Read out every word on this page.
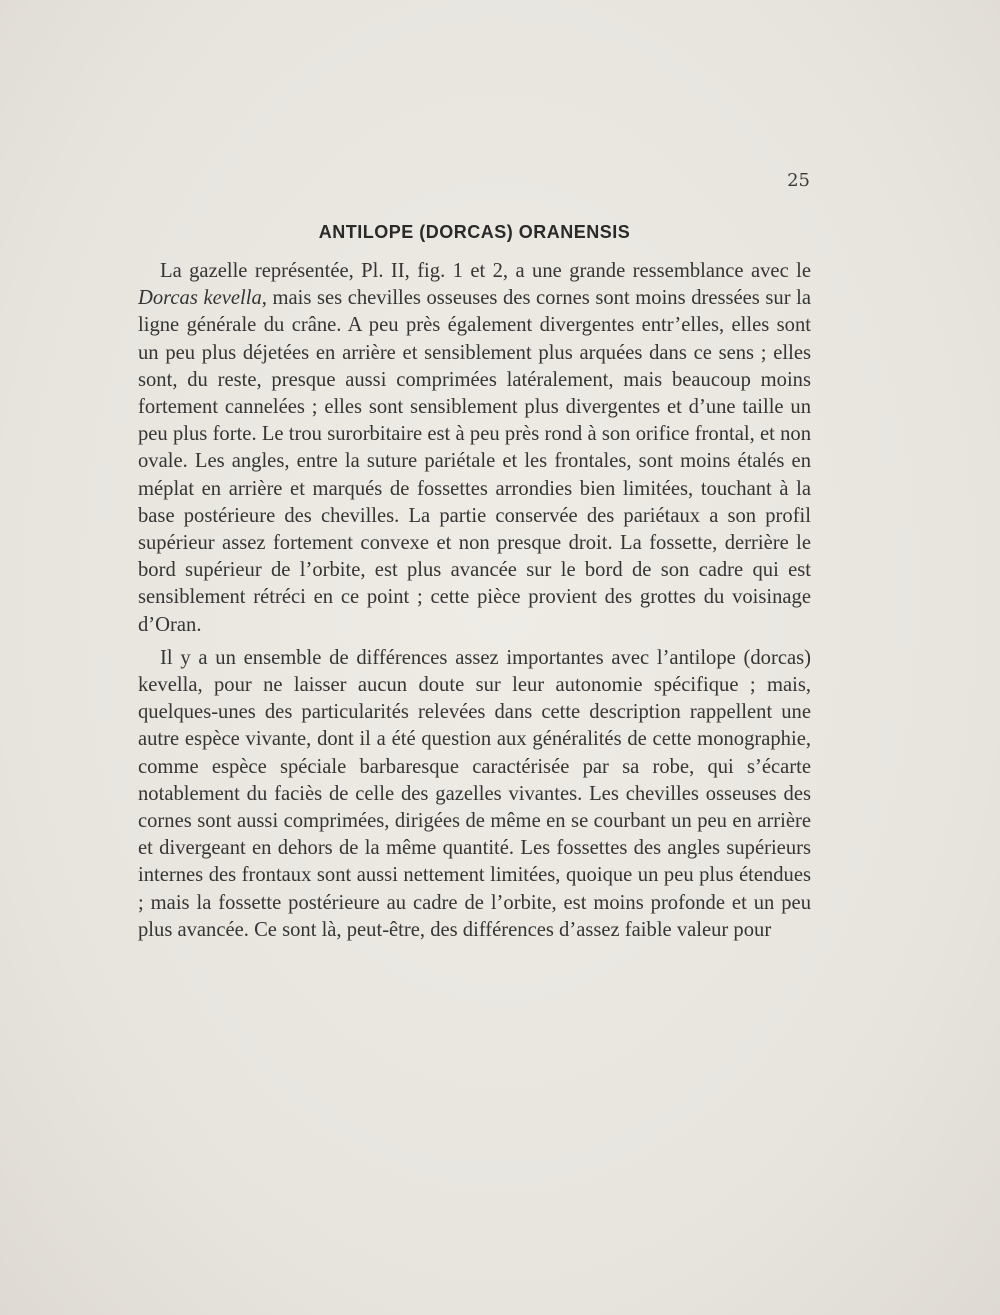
25
ANTILOPE (DORCAS) ORANENSIS

La gazelle représentée, Pl. II, fig. 1 et 2, a une grande ressemblance avec le Dorcas kevella, mais ses chevilles osseuses des cornes sont moins dressées sur la ligne générale du crâne. A peu près également divergentes entr’elles, elles sont un peu plus déjetées en arrière et sensiblement plus arquées dans ce sens ; elles sont, du reste, presque aussi comprimées latéralement, mais beaucoup moins fortement cannelées ; elles sont sensiblement plus divergentes et d’une taille un peu plus forte. Le trou surorbitaire est à peu près rond à son orifice frontal, et non ovale. Les angles, entre la suture pariétale et les frontales, sont moins étalés en méplat en arrière et marqués de fossettes arrondies bien limitées, touchant à la base postérieure des chevilles. La partie conservée des pariétaux a son profil supérieur assez fortement convexe et non presque droit. La fossette, derrière le bord supérieur de l’orbite, est plus avancée sur le bord de son cadre qui est sensiblement rétréci en ce point ; cette pièce provient des grottes du voisinage d’Oran.

Il y a un ensemble de différences assez importantes avec l’antilope (dorcas) kevella, pour ne laisser aucun doute sur leur autonomie spécifique ; mais, quelques-unes des particularités relevées dans cette description rappellent une autre espèce vivante, dont il a été question aux généralités de cette monographie, comme espèce spéciale barbaresque caractérisée par sa robe, qui s’écarte notablement du faciès de celle des gazelles vivantes. Les chevilles osseuses des cornes sont aussi comprimées, dirigées de même en se courbant un peu en arrière et divergeant en dehors de la même quantité. Les fossettes des angles supérieurs internes des frontaux sont aussi nettement limitées, quoique un peu plus étendues ; mais la fossette postérieure au cadre de l’orbite, est moins profonde et un peu plus avancée. Ce sont là, peut-être, des différences d’assez faible valeur pour
